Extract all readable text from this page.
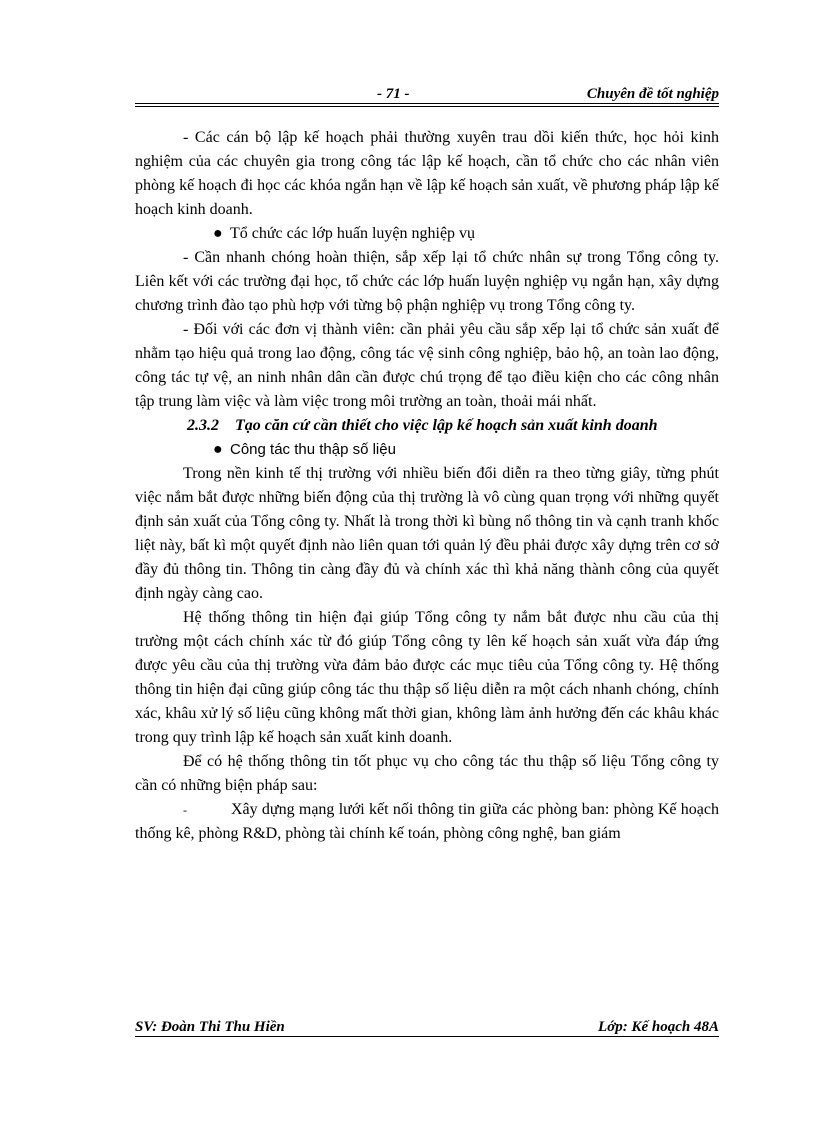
- 71 -	Chuyên đề tốt nghiệp

- Các cán bộ lập kế hoạch phải thường xuyên trau dồi kiến thức, học hỏi kinh nghiệm của các chuyên gia trong công tác lập kế hoạch, cần tổ chức cho các nhân viên phòng kế hoạch đi học các khóa ngắn hạn về lập kế hoạch sản xuất, về phương pháp lập kế hoạch kinh doanh.

● Tổ chức các lớp huấn luyện nghiệp vụ

- Cần nhanh chóng hoàn thiện, sắp xếp lại tổ chức nhân sự trong Tổng công ty. Liên kết với các trường đại học, tổ chức các lớp huấn luyện nghiệp vụ ngắn hạn, xây dựng chương trình đào tạo phù hợp với từng bộ phận nghiệp vụ trong Tổng công ty.

- Đối với các đơn vị thành viên: cần phải yêu cầu sắp xếp lại tổ chức sản xuất để nhằm tạo hiệu quả trong lao động, công tác vệ sinh công nghiệp, bảo hộ, an toàn lao động, công tác tự vệ, an ninh nhân dân cần được chú trọng để tạo điều kiện cho các công nhân tập trung làm việc và làm việc trong môi trường an toàn, thoải mái nhất.

2.3.2 Tạo căn cứ cần thiết cho việc lập kế hoạch sản xuất kinh doanh

● Công tác thu thập số liệu

Trong nền kinh tế thị trường với nhiều biến đổi diễn ra theo từng giây, từng phút việc nắm bắt được những biến động của thị trường là vô cùng quan trọng với những quyết định sản xuất của Tổng công ty. Nhất là trong thời kì bùng nổ thông tin và cạnh tranh khốc liệt này, bất kì một quyết định nào liên quan tới quản lý đều phải được xây dựng trên cơ sở đầy đủ thông tin. Thông tin càng đầy đủ và chính xác thì khả năng thành công của quyết định ngày càng cao.

Hệ thống thông tin hiện đại giúp Tổng công ty nắm bắt được nhu cầu của thị trường một cách chính xác từ đó giúp Tổng công ty lên kế hoạch sản xuất vừa đáp ứng được yêu cầu của thị trường vừa đảm bảo được các mục tiêu của Tổng công ty. Hệ thống thông tin hiện đại cũng giúp công tác thu thập số liệu diễn ra một cách nhanh chóng, chính xác, khâu xử lý số liệu cũng không mất thời gian, không làm ảnh hưởng đến các khâu khác trong quy trình lập kế hoạch sản xuất kinh doanh.

Để có hệ thống thông tin tốt phục vụ cho công tác thu thập số liệu Tổng công ty cần có những biện pháp sau:

-	Xây dựng mạng lưới kết nối thông tin giữa các phòng ban: phòng Kế hoạch thống kê, phòng R&D, phòng tài chính kế toán, phòng công nghệ, ban giám

SV: Đoàn Thi Thu Hiền	Lớp: Kế hoạch 48A
